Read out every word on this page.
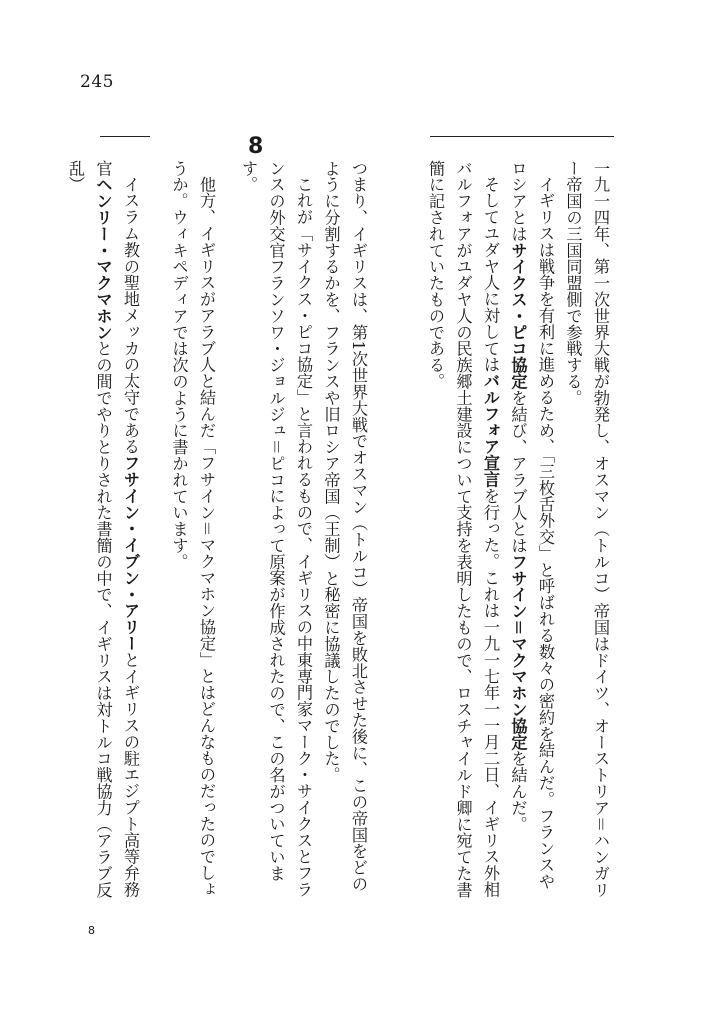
245

一九一四年、第一次世界大戦が勃発し、オスマン（トルコ）帝国はドイツ、オーストリア＝ハンガリー帝国の三国同盟側で参戦する。

イギリスは戦争を有利に進めるため、「三枚舌外交」と呼ばれる数々の密約を結んだ。フランスやロシアとはサイクス・ピコ協定を結び、アラブ人とはフサイン＝マクマホン協定を結んだ。

そしてユダヤ人に対してはバルフォア宣言を行った。これは一九一七年一一月二日、イギリス外相バルフォアがユダヤ人の民族郷土建設について支持を表明したもので、ロスチャイルド卿に宛てた書簡に記されていたものである。

つまり、イギリスは、第1次世界大戦でオスマン（トルコ）帝国を敗北させた後に、この帝国をどのように分割するかを、フランスや旧ロシア帝国（王制）と秘密に協議したのでした。

これが「サイクス・ピコ協定」と言われるもので、イギリスの中東専門家マーク・サイクスとフランスの外交官フランソワ・ジョルジュ＝ピコによって原案が作成されたので、この名がついています。

8

他方、イギリスがアラブ人と結んだ「フサイン＝マクマホン協定」とはどんなものだったのでしょうか。ウィキペディアでは次のように書かれています。

イスラム教の聖地メッカの太守であるフサイン・イブン・アリーとイギリスの駐エジプト高等弁務官ヘンリー・マクマホンとの間でやりとりされた書簡の中で、イギリスは対トルコ戦協力（アラブ反乱）

8
